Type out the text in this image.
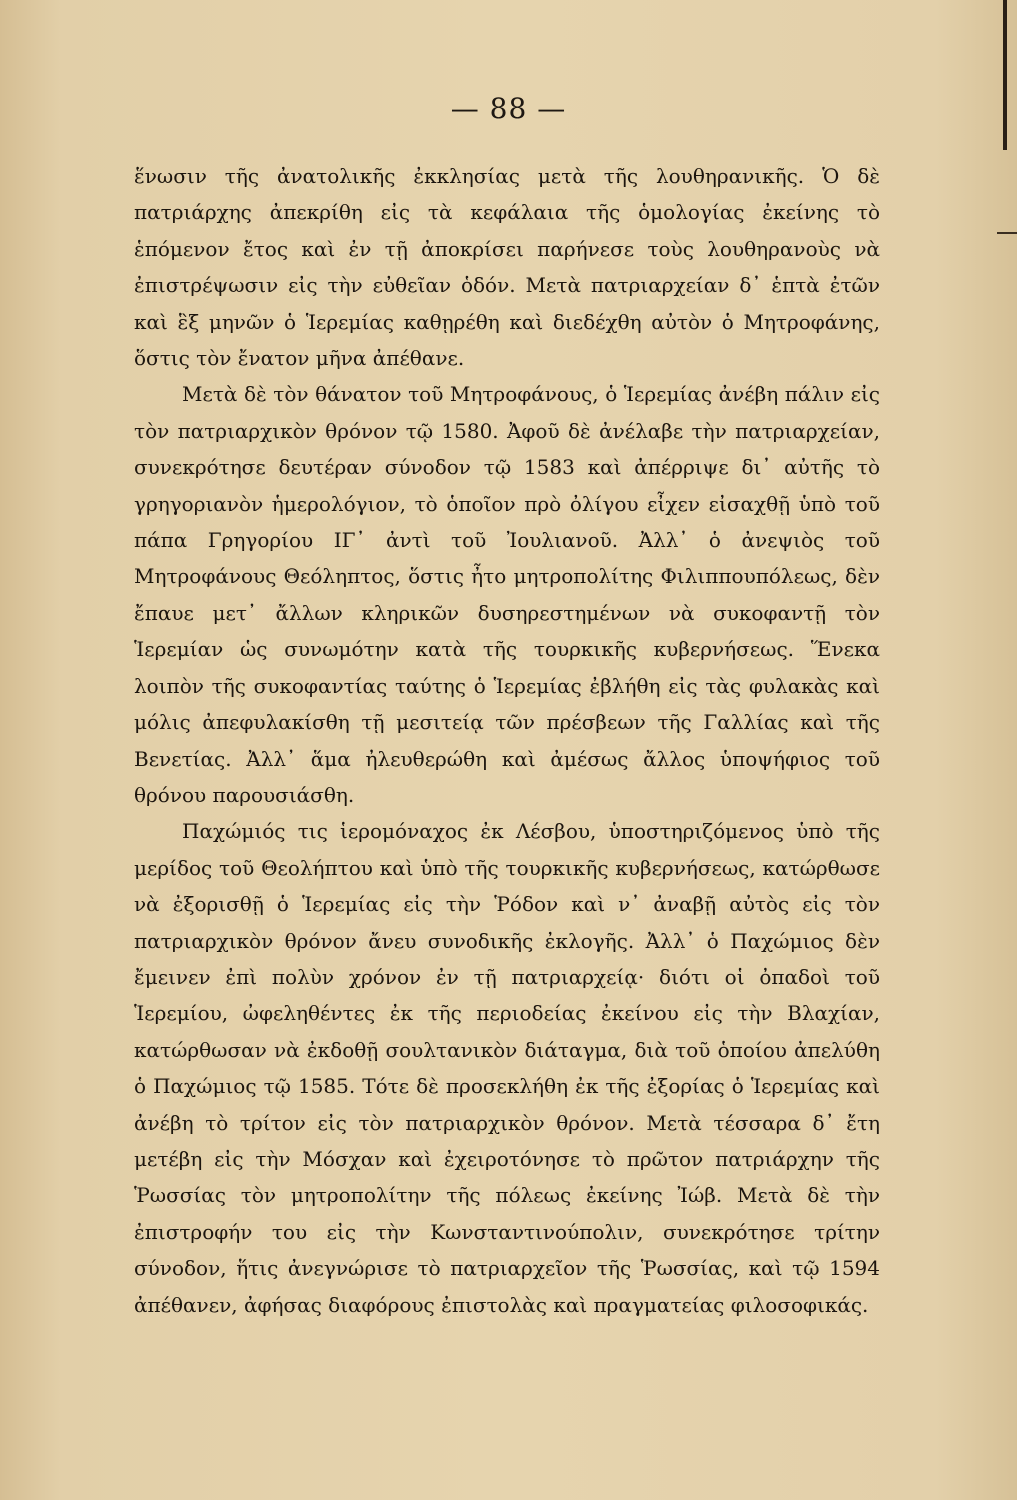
— 88 —

ἕνωσιν τῆς ἀνατολικῆς ἐκκλησίας μετὰ τῆς λουθηρανικῆς. Ὁ δὲ πατριάρχης ἀπεκρίθη εἰς τὰ κεφάλαια τῆς ὁμολογίας ἐκείνης τὸ ἑπόμενον ἔτος καὶ ἐν τῇ ἀποκρίσει παρήνεσε τοὺς λουθηρανοὺς νὰ ἐπιστρέψωσιν εἰς τὴν εὐθεῖαν ὁδόν. Μετὰ πατριαρχείαν δ᾽ ἑπτὰ ἐτῶν καὶ ἓξ μηνῶν ὁ Ἱερεμίας καθῃρέθη καὶ διεδέχθη αὐτὸν ὁ Μητροφάνης, ὅστις τὸν ἔνατον μῆνα ἀπέθανε.

Μετὰ δὲ τὸν θάνατον τοῦ Μητροφάνους, ὁ Ἱερεμίας ἀνέβη πάλιν εἰς τὸν πατριαρχικὸν θρόνον τῷ 1580. Ἀφοῦ δὲ ἀνέλαβε τὴν πατριαρχείαν, συνεκρότησε δευτέραν σύνοδον τῷ 1583 καὶ ἀπέρριψε δι᾽ αὐτῆς τὸ γρηγοριανὸν ἡμερολόγιον, τὸ ὁποῖον πρὸ ὀλίγου εἶχεν εἰσαχθῇ ὑπὸ τοῦ πάπα Γρηγορίου ΙΓ᾽ ἀντὶ τοῦ Ἰουλιανοῦ. Ἀλλ᾽ ὁ ἀνεψιὸς τοῦ Μητροφάνους Θεόληπτος, ὅστις ἦτο μητροπολίτης Φιλιππουπόλεως, δὲν ἔπαυε μετ᾽ ἄλλων κληρικῶν δυσηρεστημένων νὰ συκοφαντῇ τὸν Ἱερεμίαν ὡς συνωμότην κατὰ τῆς τουρκικῆς κυβερνήσεως. Ἕνεκα λοιπὸν τῆς συκοφαντίας ταύτης ὁ Ἱερεμίας ἐβλήθη εἰς τὰς φυλακὰς καὶ μόλις ἀπεφυλακίσθη τῇ μεσιτείᾳ τῶν πρέσβεων τῆς Γαλλίας καὶ τῆς Βενετίας. Ἀλλ᾽ ἅμα ἠλευθερώθη καὶ ἀμέσως ἄλλος ὑποψήφιος τοῦ θρόνου παρουσιάσθη.

Παχώμιός τις ἱερομόναχος ἐκ Λέσβου, ὑποστηριζόμενος ὑπὸ τῆς μερίδος τοῦ Θεολήπτου καὶ ὑπὸ τῆς τουρκικῆς κυβερνήσεως, κατώρθωσε νὰ ἐξορισθῇ ὁ Ἱερεμίας εἰς τὴν Ῥόδον καὶ ν᾽ ἀναβῇ αὐτὸς εἰς τὸν πατριαρχικὸν θρόνον ἄνευ συνοδικῆς ἐκλογῆς. Ἀλλ᾽ ὁ Παχώμιος δὲν ἔμεινεν ἐπὶ πολὺν χρόνον ἐν τῇ πατριαρχείᾳ· διότι οἱ ὀπαδοὶ τοῦ Ἱερεμίου, ὠφεληθέντες ἐκ τῆς περιοδείας ἐκείνου εἰς τὴν Βλαχίαν, κατώρθωσαν νὰ ἐκδοθῇ σουλτανικὸν διάταγμα, διὰ τοῦ ὁποίου ἀπελύθη ὁ Παχώμιος τῷ 1585. Τότε δὲ προσεκλήθη ἐκ τῆς ἐξορίας ὁ Ἱερεμίας καὶ ἀνέβη τὸ τρίτον εἰς τὸν πατριαρχικὸν θρόνον. Μετὰ τέσσαρα δ᾽ ἔτη μετέβη εἰς τὴν Μόσχαν καὶ ἐχειροτόνησε τὸ πρῶτον πατριάρχην τῆς Ῥωσσίας τὸν μητροπολίτην τῆς πόλεως ἐκείνης Ἰώβ. Μετὰ δὲ τὴν ἐπιστροφήν του εἰς τὴν Κωνσταντινούπολιν, συνεκρότησε τρίτην σύνοδον, ἥτις ἀνεγνώρισε τὸ πατριαρχεῖον τῆς Ῥωσσίας, καὶ τῷ 1594 ἀπέθανεν, ἀφήσας διαφόρους ἐπιστολὰς καὶ πραγματείας φιλοσοφικάς.
